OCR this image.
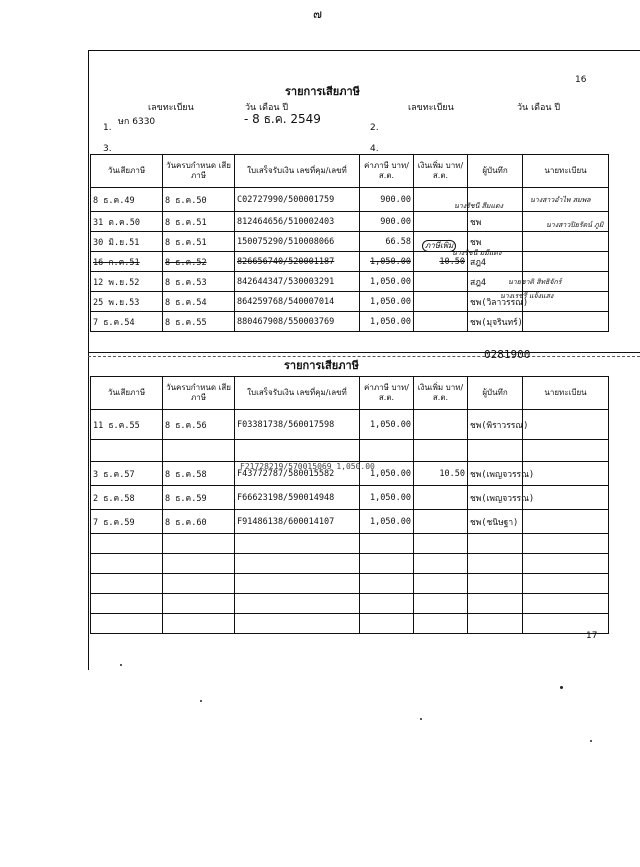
๗
16
รายการเสียภาษี
เลขทะเบียน	วัน เดือน ปี	เลขทะเบียน	วัน เดือน ปี
1.
ษก 6330	- 8 ธ.ค. 2549
2.
3.	4.
วันเสียภาษี	วันครบกำหนด เสียภาษี	ใบเสร็จรับเงิน เลขที่คุม/เลขที่	ค่าภาษี บาท/ส.ต.	เงินเพิ่ม บาท/ส.ต.	ผู้บันทึก	นายทะเบียน
8 ธ.ค.49	8 ธ.ค.50	C02727990/500001759	900.00			
31 ต.ค.50	8 ธ.ค.51	812464656/510002403	900.00		ชพ	
30 มิ.ย.51	8 ธ.ค.51	150075290/510008066	66.58		ชพ	
16 ก.ค.51	8 ธ.ค.52	826656740/520001187	1,050.00	10.50	สฎ4	
12 พ.ย.52	8 ธ.ค.53	842644347/530003291	1,050.00		สฎ4	
25 พ.ย.53	8 ธ.ค.54	864259768/540007014	1,050.00		ชพ(วิลาวรรณ)	
7 ธ.ค.54	8 ธ.ค.55	880467908/550003769	1,050.00		ชพ(มุจรินทร์)	
นางรัชนี สีมแดง
นางสาวอำไพ สมพล
นางสาวปิยรัตน์ ภูมิ
ภาษีเพิ่ม
นางรัชนี มมีแดง
นายชาติ สิทธิจักร์
นางเรชรี แจ้งแสง
0281900
รายการเสียภาษี
วันเสียภาษี	วันครบกำหนด เสียภาษี	ใบเสร็จรับเงิน เลขที่คุม/เลขที่	ค่าภาษี บาท/ส.ต.	เงินเพิ่ม บาท/ส.ต.	ผู้บันทึก	นายทะเบียน
11 ธ.ค.55	8 ธ.ค.56	F03381738/560017598	1,050.00		ชพ(พิราวรรณ)	

3 ธ.ค.57	8 ธ.ค.58	F43772787/580015582	1,050.00	10.50	ชพ(เพญจวรรณ)	
2 ธ.ค.58	8 ธ.ค.59	F66623198/590014948	1,050.00		ชพ(เพญจวรรณ)	
7 ธ.ค.59	8 ธ.ค.60	F91486138/600014107	1,050.00		ชพ(ชนิษฐา)	

F21728219/570015069 1,050.00
17
